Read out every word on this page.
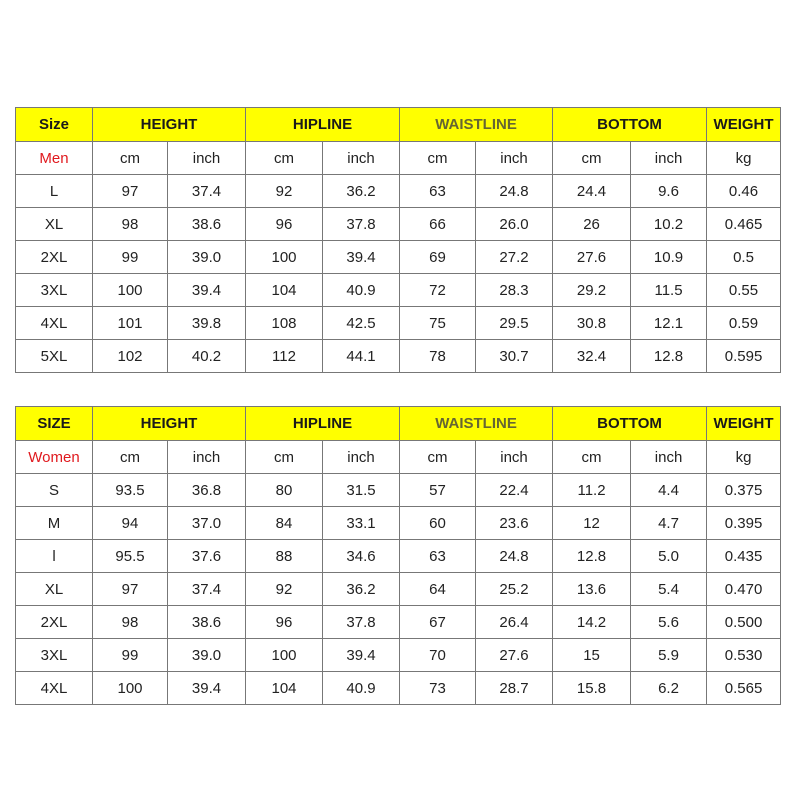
Size	HEIGHT		HIPLINE		WAISTLINE		BOTTOM		WEIGHT
Men	cm	inch	cm	inch	cm	inch	cm	inch	kg
L	97	37.4	92	36.2	63	24.8	24.4	9.6	0.46
XL	98	38.6	96	37.8	66	26.0	26	10.2	0.465
2XL	99	39.0	100	39.4	69	27.2	27.6	10.9	0.5
3XL	100	39.4	104	40.9	72	28.3	29.2	11.5	0.55
4XL	101	39.8	108	42.5	75	29.5	30.8	12.1	0.59
5XL	102	40.2	112	44.1	78	30.7	32.4	12.8	0.595
SIZE	HEIGHT		HIPLINE		WAISTLINE		BOTTOM		WEIGHT
Women	cm	inch	cm	inch	cm	inch	cm	inch	kg
S	93.5	36.8	80	31.5	57	22.4	11.2	4.4	0.375
M	94	37.0	84	33.1	60	23.6	12	4.7	0.395
l	95.5	37.6	88	34.6	63	24.8	12.8	5.0	0.435
XL	97	37.4	92	36.2	64	25.2	13.6	5.4	0.470
2XL	98	38.6	96	37.8	67	26.4	14.2	5.6	0.500
3XL	99	39.0	100	39.4	70	27.6	15	5.9	0.530
4XL	100	39.4	104	40.9	73	28.7	15.8	6.2	0.565
